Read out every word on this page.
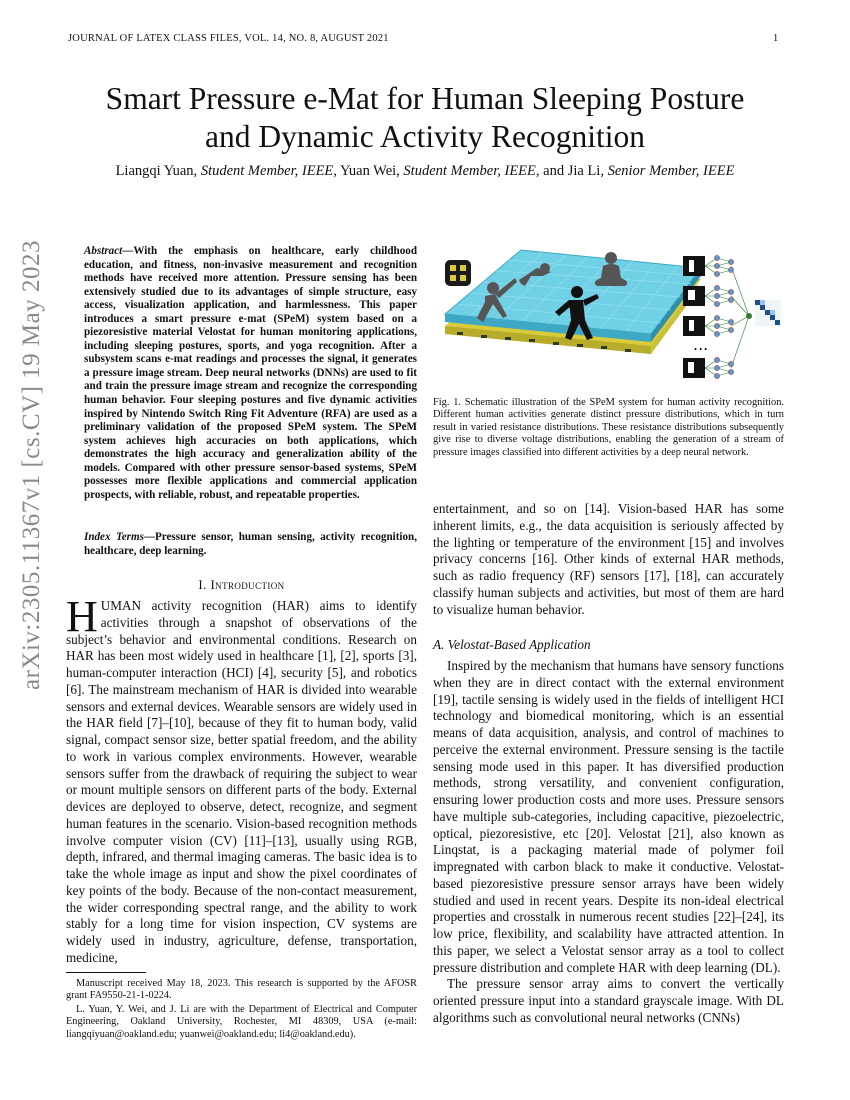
JOURNAL OF LATEX CLASS FILES, VOL. 14, NO. 8, AUGUST 2021	1
arXiv:2305.11367v1 [cs.CV] 19 May 2023
Smart Pressure e-Mat for Human Sleeping Posture
and Dynamic Activity Recognition
Liangqi Yuan, Student Member, IEEE, Yuan Wei, Student Member, IEEE, and Jia Li, Senior Member, IEEE
Abstract—With the emphasis on healthcare, early childhood education, and fitness, non-invasive measurement and recognition methods have received more attention. Pressure sensing has been extensively studied due to its advantages of simple structure, easy access, visualization application, and harmlessness. This paper introduces a smart pressure e-mat (SPeM) system based on a piezoresistive material Velostat for human monitoring applications, including sleeping postures, sports, and yoga recognition. After a subsystem scans e-mat readings and processes the signal, it generates a pressure image stream. Deep neural networks (DNNs) are used to fit and train the pressure image stream and recognize the corresponding human behavior. Four sleeping postures and five dynamic activities inspired by Nintendo Switch Ring Fit Adventure (RFA) are used as a preliminary validation of the proposed SPeM system. The SPeM system achieves high accuracies on both applications, which demonstrates the high accuracy and generalization ability of the models. Compared with other pressure sensor-based systems, SPeM possesses more flexible applications and commercial application prospects, with reliable, robust, and repeatable properties.
Index Terms—Pressure sensor, human sensing, activity recognition, healthcare, deep learning.
I. Introduction

HUMAN activity recognition (HAR) aims to identify activities through a snapshot of observations of the subject’s behavior and environmental conditions. Research on HAR has been most widely used in healthcare [1], [2], sports [3], human-computer interaction (HCI) [4], security [5], and robotics [6]. The mainstream mechanism of HAR is divided into wearable sensors and external devices. Wearable sensors are widely used in the HAR field [7]–[10], because of they fit to human body, valid signal, compact sensor size, better spatial freedom, and the ability to work in various complex environments. However, wearable sensors suffer from the drawback of requiring the subject to wear or mount multiple sensors on different parts of the body. External devices are deployed to observe, detect, recognize, and segment human features in the scenario. Vision-based recognition methods involve computer vision (CV) [11]–[13], usually using RGB, depth, infrared, and thermal imaging cameras. The basic idea is to take the whole image as input and show the pixel coordinates of key points of the body. Because of the non-contact measurement, the wider corresponding spectral range, and the ability to work stably for a long time for vision inspection, CV systems are widely used in industry, agriculture, defense, transportation, medicine,

Manuscript received May 18, 2023. This research is supported by the AFOSR grant FA9550-21-1-0224.

L. Yuan, Y. Wei, and J. Li are with the Department of Electrical and Computer Engineering, Oakland University, Rochester, MI 48309, USA (e-mail: liangqiyuan@oakland.edu; yuanwei@oakland.edu; li4@oakland.edu).

...
Fig. 1. Schematic illustration of the SPeM system for human activity recognition. Different human activities generate distinct pressure distributions, which in turn result in varied resistance distributions. These resistance distributions subsequently give rise to diverse voltage distributions, enabling the generation of a stream of pressure images classified into different activities by a deep neural network.

entertainment, and so on [14]. Vision-based HAR has some inherent limits, e.g., the data acquisition is seriously affected by the lighting or temperature of the environment [15] and involves privacy concerns [16]. Other kinds of external HAR methods, such as radio frequency (RF) sensors [17], [18], can accurately classify human subjects and activities, but most of them are hard to visualize human behavior.

A. Velostat-Based Application

Inspired by the mechanism that humans have sensory functions when they are in direct contact with the external environment [19], tactile sensing is widely used in the fields of intelligent HCI technology and biomedical monitoring, which is an essential means of data acquisition, analysis, and control of machines to perceive the external environment. Pressure sensing is the tactile sensing mode used in this paper. It has diversified production methods, strong versatility, and convenient configuration, ensuring lower production costs and more uses. Pressure sensors have multiple sub-categories, including capacitive, piezoelectric, optical, piezoresistive, etc [20]. Velostat [21], also known as Linqstat, is a packaging material made of polymer foil impregnated with carbon black to make it conductive. Velostat-based piezoresistive pressure sensor arrays have been widely studied and used in recent years. Despite its non-ideal electrical properties and crosstalk in numerous recent studies [22]–[24], its low price, flexibility, and scalability have attracted attention. In this paper, we select a Velostat sensor array as a tool to collect pressure distribution and complete HAR with deep learning (DL).

The pressure sensor array aims to convert the vertically oriented pressure input into a standard grayscale image. With DL algorithms such as convolutional neural networks (CNNs)
